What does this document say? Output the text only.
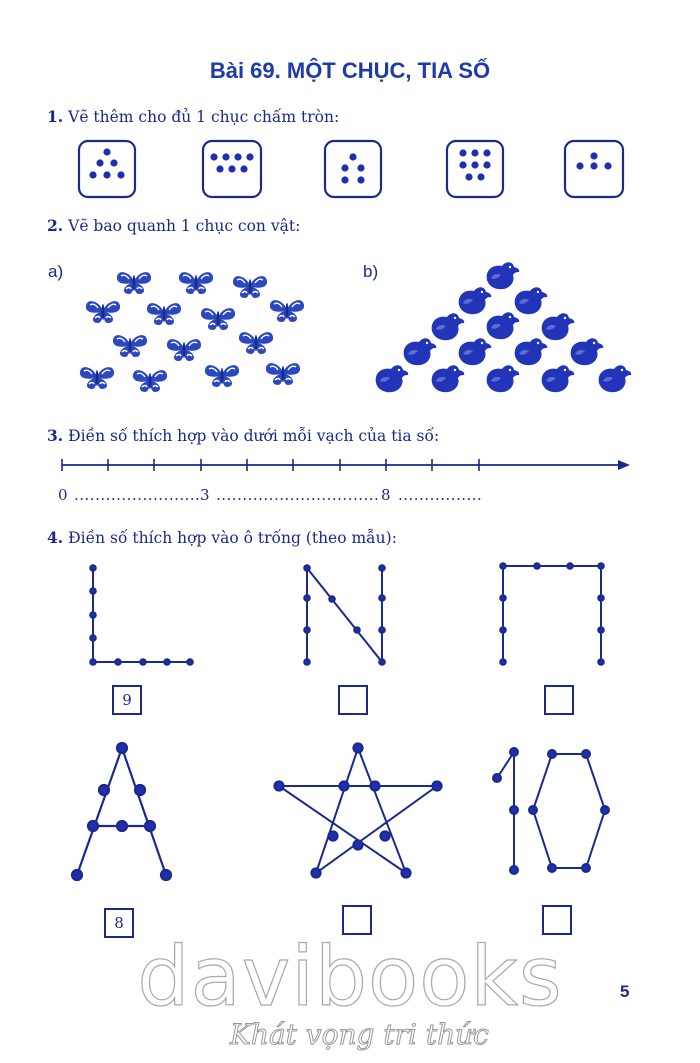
Bài 69. MỘT CHỤC, TIA SỐ
1. Vẽ thêm cho đủ 1 chục chấm tròn:
2. Vẽ bao quanh 1 chục con vật:
a)	b)
3. Điền số thích hợp vào dưới mỗi vạch của tia số:
0 ........................ 3 ............................... 8 ................
4. Điền số thích hợp vào ô trống (theo mẫu):
9
8
davibooks
Khát vọng tri thức
5
